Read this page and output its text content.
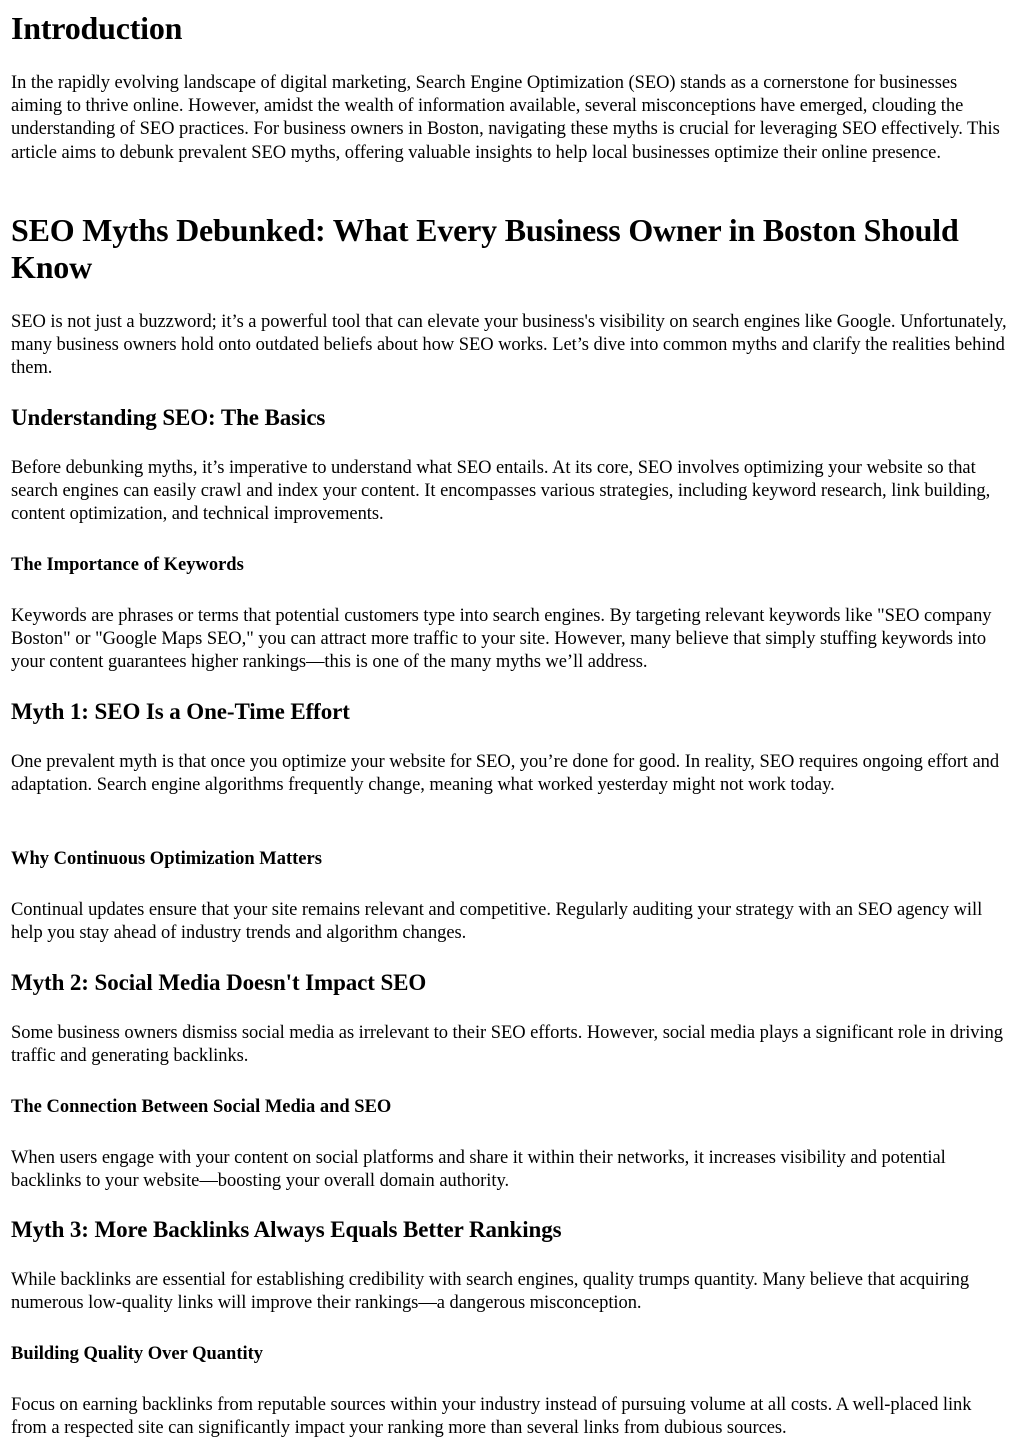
Introduction

In the rapidly evolving landscape of digital marketing, Search Engine Optimization (SEO) stands as a cornerstone for businesses aiming to thrive online. However, amidst the wealth of information available, several misconceptions have emerged, clouding the understanding of SEO practices. For business owners in Boston, navigating these myths is crucial for leveraging SEO effectively. This article aims to debunk prevalent SEO myths, offering valuable insights to help local businesses optimize their online presence.

SEO Myths Debunked: What Every Business Owner in Boston Should Know

SEO is not just a buzzword; it’s a powerful tool that can elevate your business's visibility on search engines like Google. Unfortunately, many business owners hold onto outdated beliefs about how SEO works. Let’s dive into common myths and clarify the realities behind them.

Understanding SEO: The Basics

Before debunking myths, it’s imperative to understand what SEO entails. At its core, SEO involves optimizing your website so that search engines can easily crawl and index your content. It encompasses various strategies, including keyword research, link building, content optimization, and technical improvements.

The Importance of Keywords

Keywords are phrases or terms that potential customers type into search engines. By targeting relevant keywords like "SEO company Boston" or "Google Maps SEO," you can attract more traffic to your site. However, many believe that simply stuffing keywords into your content guarantees higher rankings—this is one of the many myths we’ll address.

Myth 1: SEO Is a One-Time Effort

One prevalent myth is that once you optimize your website for SEO, you’re done for good. In reality, SEO requires ongoing effort and adaptation. Search engine algorithms frequently change, meaning what worked yesterday might not work today.

Why Continuous Optimization Matters

Continual updates ensure that your site remains relevant and competitive. Regularly auditing your strategy with an SEO agency will help you stay ahead of industry trends and algorithm changes.

Myth 2: Social Media Doesn't Impact SEO

Some business owners dismiss social media as irrelevant to their SEO efforts. However, social media plays a significant role in driving traffic and generating backlinks.

The Connection Between Social Media and SEO

When users engage with your content on social platforms and share it within their networks, it increases visibility and potential backlinks to your website—boosting your overall domain authority.

Myth 3: More Backlinks Always Equals Better Rankings

While backlinks are essential for establishing credibility with search engines, quality trumps quantity. Many believe that acquiring numerous low-quality links will improve their rankings—a dangerous misconception.

Building Quality Over Quantity

Focus on earning backlinks from reputable sources within your industry instead of pursuing volume at all costs. A well-placed link from a respected site can significantly impact your ranking more than several links from dubious sources.
